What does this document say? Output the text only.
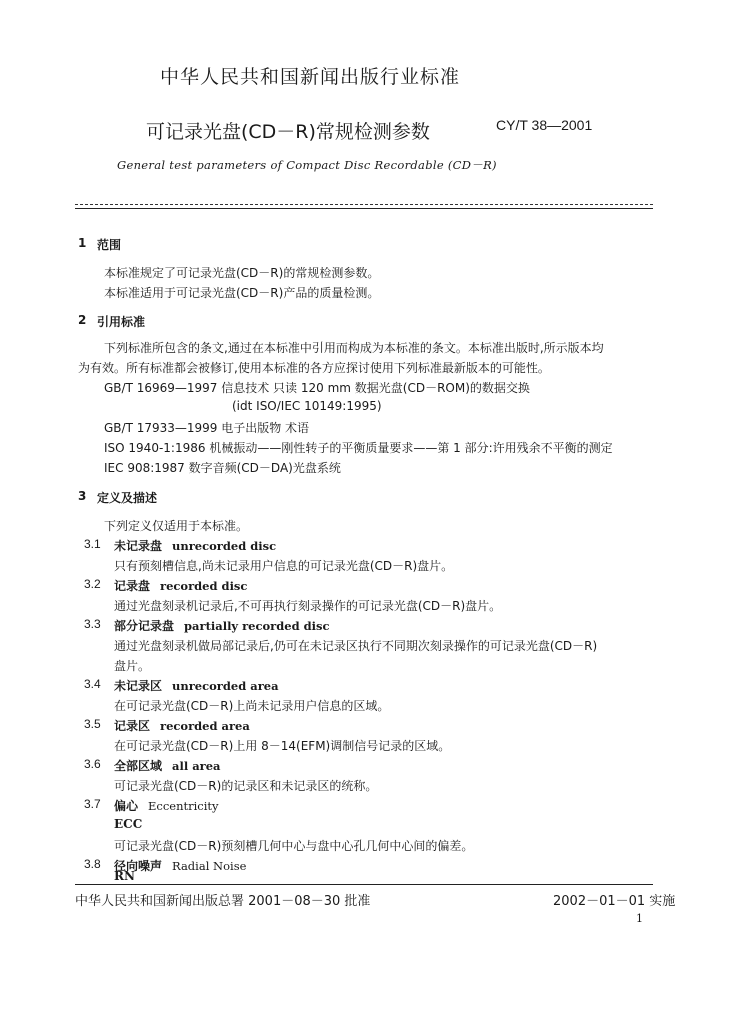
中华人民共和国新闻出版行业标准
可记录光盘(CD－R)常规检测参数	CY/T 38—2001
General test parameters of Compact Disc Recordable (CD－R)
1 范围
本标准规定了可记录光盘(CD－R)的常规检测参数。
本标准适用于可记录光盘(CD－R)产品的质量检测。
2 引用标准
下列标准所包含的条文,通过在本标准中引用而构成为本标准的条文。本标准出版时,所示版本均
为有效。所有标准都会被修订,使用本标准的各方应探讨使用下列标准最新版本的可能性。
GB/T 16969—1997 信息技术 只读 120 mm 数据光盘(CD－ROM)的数据交换
(idt ISO/IEC 10149:1995)
GB/T 17933—1999 电子出版物 术语
ISO 1940-1:1986 机械振动——刚性转子的平衡质量要求——第 1 部分:许用残余不平衡的测定
IEC 908:1987 数字音频(CD－DA)光盘系统
3 定义及描述
下列定义仅适用于本标准。
3.1 未记录盘 unrecorded disc
只有预刻槽信息,尚未记录用户信息的可记录光盘(CD－R)盘片。
3.2 记录盘 recorded disc
通过光盘刻录机记录后,不可再执行刻录操作的可记录光盘(CD－R)盘片。
3.3 部分记录盘 partially recorded disc
通过光盘刻录机做局部记录后,仍可在未记录区执行不同期次刻录操作的可记录光盘(CD－R)
盘片。
3.4 未记录区 unrecorded area
在可记录光盘(CD－R)上尚未记录用户信息的区域。
3.5 记录区 recorded area
在可记录光盘(CD－R)上用 8－14(EFM)调制信号记录的区域。
3.6 全部区域 all area
可记录光盘(CD－R)的记录区和未记录区的统称。
3.7 偏心 Eccentricity
ECC
可记录光盘(CD－R)预刻槽几何中心与盘中心孔几何中心间的偏差。
3.8 径向噪声 Radial Noise
RN
中华人民共和国新闻出版总署 2001－08－30 批准	2002－01－01 实施
1
